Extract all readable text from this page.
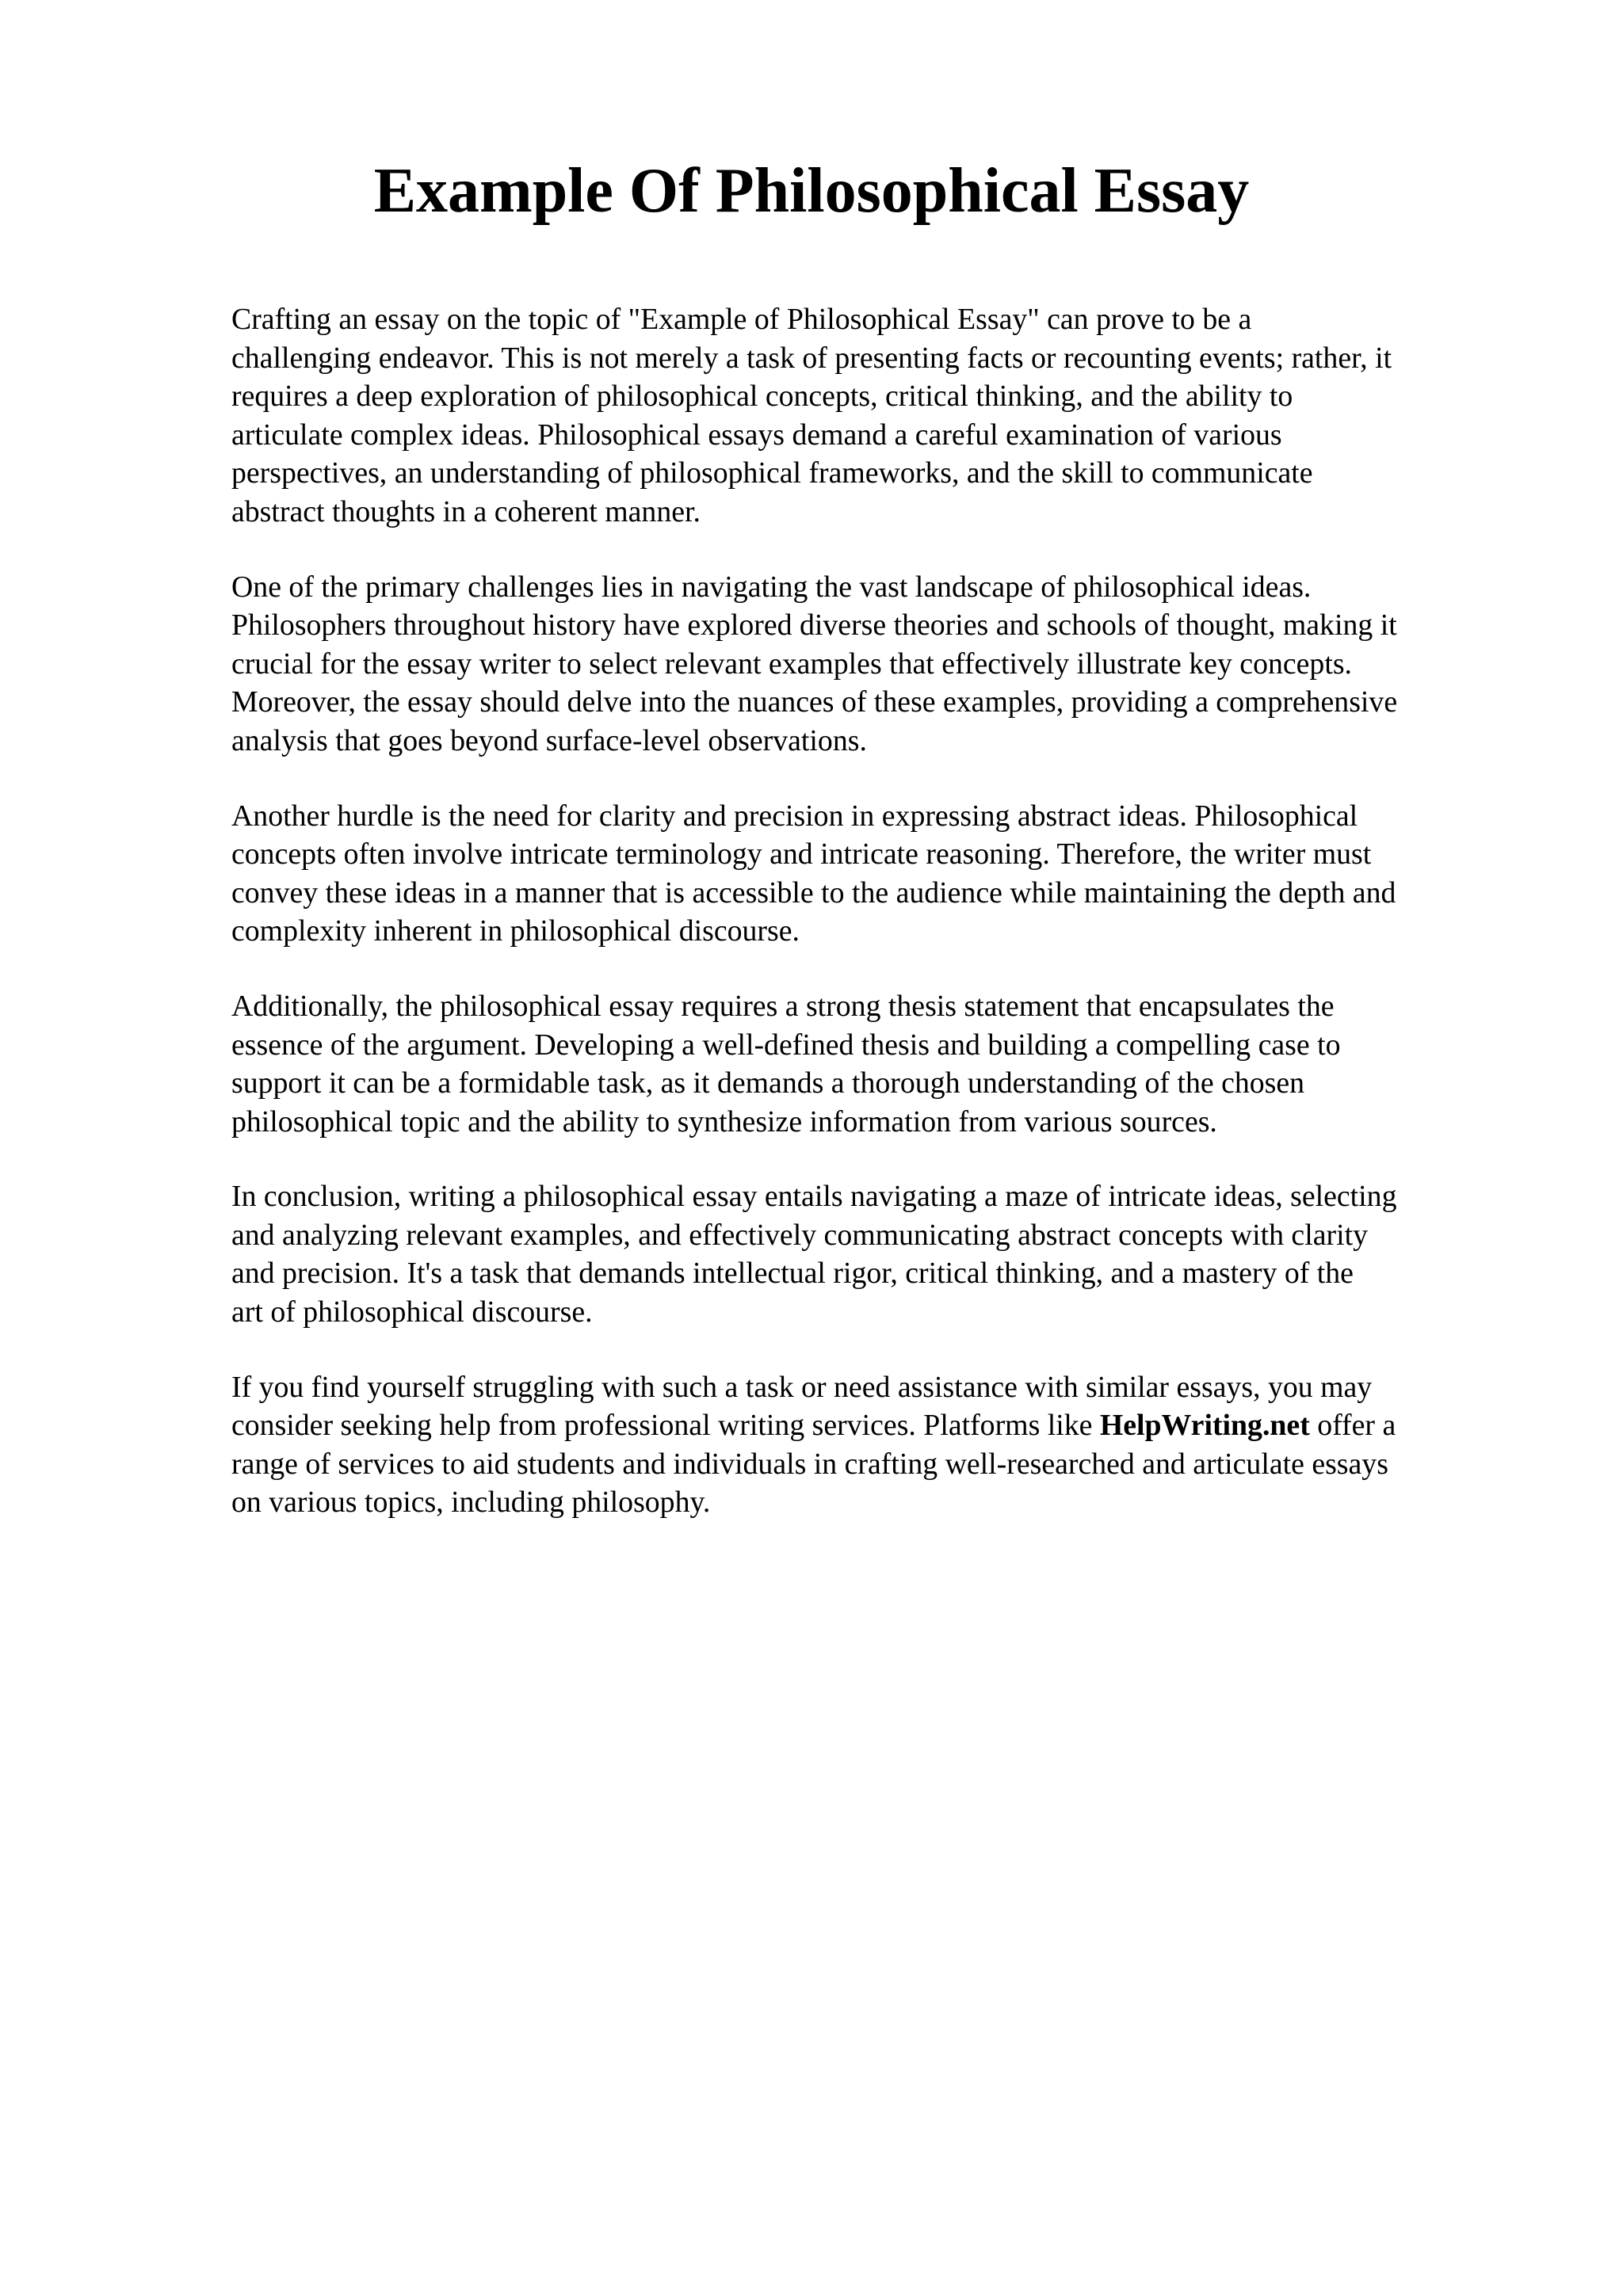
Example Of Philosophical Essay

Crafting an essay on the topic of "Example of Philosophical Essay" can prove to be a
challenging endeavor. This is not merely a task of presenting facts or recounting events; rather, it
requires a deep exploration of philosophical concepts, critical thinking, and the ability to
articulate complex ideas. Philosophical essays demand a careful examination of various
perspectives, an understanding of philosophical frameworks, and the skill to communicate
abstract thoughts in a coherent manner.

One of the primary challenges lies in navigating the vast landscape of philosophical ideas.
Philosophers throughout history have explored diverse theories and schools of thought, making it
crucial for the essay writer to select relevant examples that effectively illustrate key concepts.
Moreover, the essay should delve into the nuances of these examples, providing a comprehensive
analysis that goes beyond surface-level observations.

Another hurdle is the need for clarity and precision in expressing abstract ideas. Philosophical
concepts often involve intricate terminology and intricate reasoning. Therefore, the writer must
convey these ideas in a manner that is accessible to the audience while maintaining the depth and
complexity inherent in philosophical discourse.

Additionally, the philosophical essay requires a strong thesis statement that encapsulates the
essence of the argument. Developing a well-defined thesis and building a compelling case to
support it can be a formidable task, as it demands a thorough understanding of the chosen
philosophical topic and the ability to synthesize information from various sources.

In conclusion, writing a philosophical essay entails navigating a maze of intricate ideas, selecting
and analyzing relevant examples, and effectively communicating abstract concepts with clarity
and precision. It's a task that demands intellectual rigor, critical thinking, and a mastery of the
art of philosophical discourse.

If you find yourself struggling with such a task or need assistance with similar essays, you may
consider seeking help from professional writing services. Platforms like HelpWriting.net offer a
range of services to aid students and individuals in crafting well-researched and articulate essays
on various topics, including philosophy.
